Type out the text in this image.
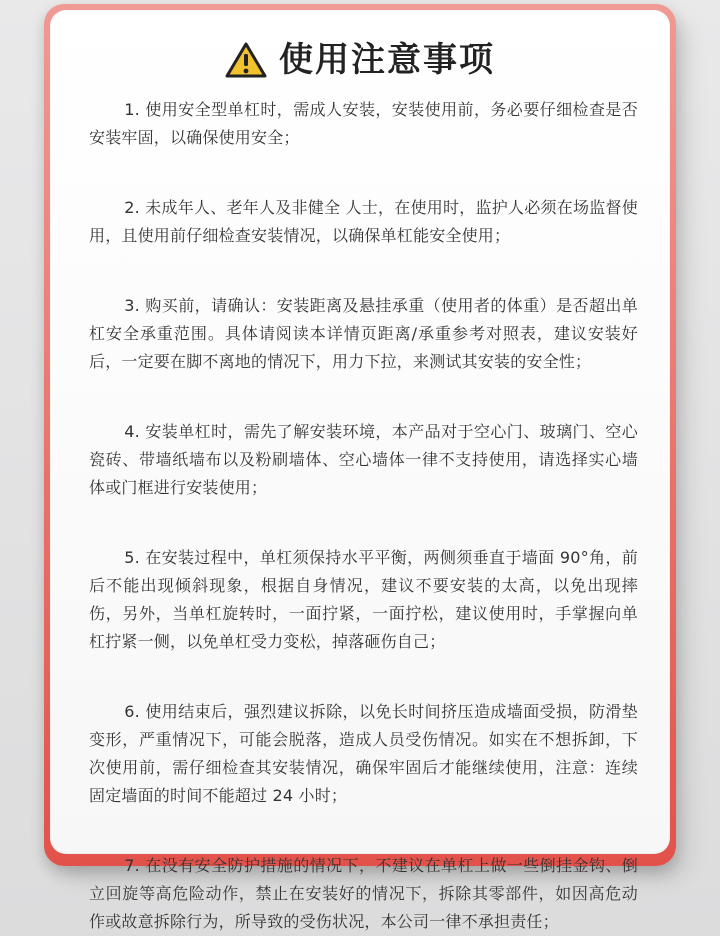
使用注意事项

1. 使用安全型单杠时，需成人安装，安装使用前，务必要仔细检查是否安装牢固，以确保使用安全；

2. 未成年人、老年人及非健全 人士，在使用时，监护人必须在场监督使用，且使用前仔细检查安装情况，以确保单杠能安全使用；

3. 购买前，请确认：安装距离及悬挂承重（使用者的体重）是否超出单杠安全承重范围。具体请阅读本详情页距离/承重参考对照表，建议安装好后，一定要在脚不离地的情况下，用力下拉，来测试其安装的安全性；

4. 安装单杠时，需先了解安装环境，本产品对于空心门、玻璃门、空心瓷砖、带墙纸墙布以及粉刷墙体、空心墙体一律不支持使用，请选择实心墙体或门框进行安装使用；

5. 在安装过程中，单杠须保持水平平衡，两侧须垂直于墙面 90°角，前后不能出现倾斜现象，根据自身情况，建议不要安装的太高，以免出现摔伤，另外，当单杠旋转时，一面拧紧，一面拧松，建议使用时，手掌握向单杠拧紧一侧，以免单杠受力变松，掉落砸伤自己；

6. 使用结束后，强烈建议拆除，以免长时间挤压造成墙面受损，防滑垫变形，严重情况下，可能会脱落，造成人员受伤情况。如实在不想拆卸，下次使用前，需仔细检查其安装情况，确保牢固后才能继续使用，注意：连续固定墙面的时间不能超过 24 小时；

7. 在没有安全防护措施的情况下，不建议在单杠上做一些倒挂金钩、倒立回旋等高危险动作，禁止在安装好的情况下，拆除其零部件，如因高危动作或故意拆除行为，所导致的受伤状况，本公司一律不承担责任；
